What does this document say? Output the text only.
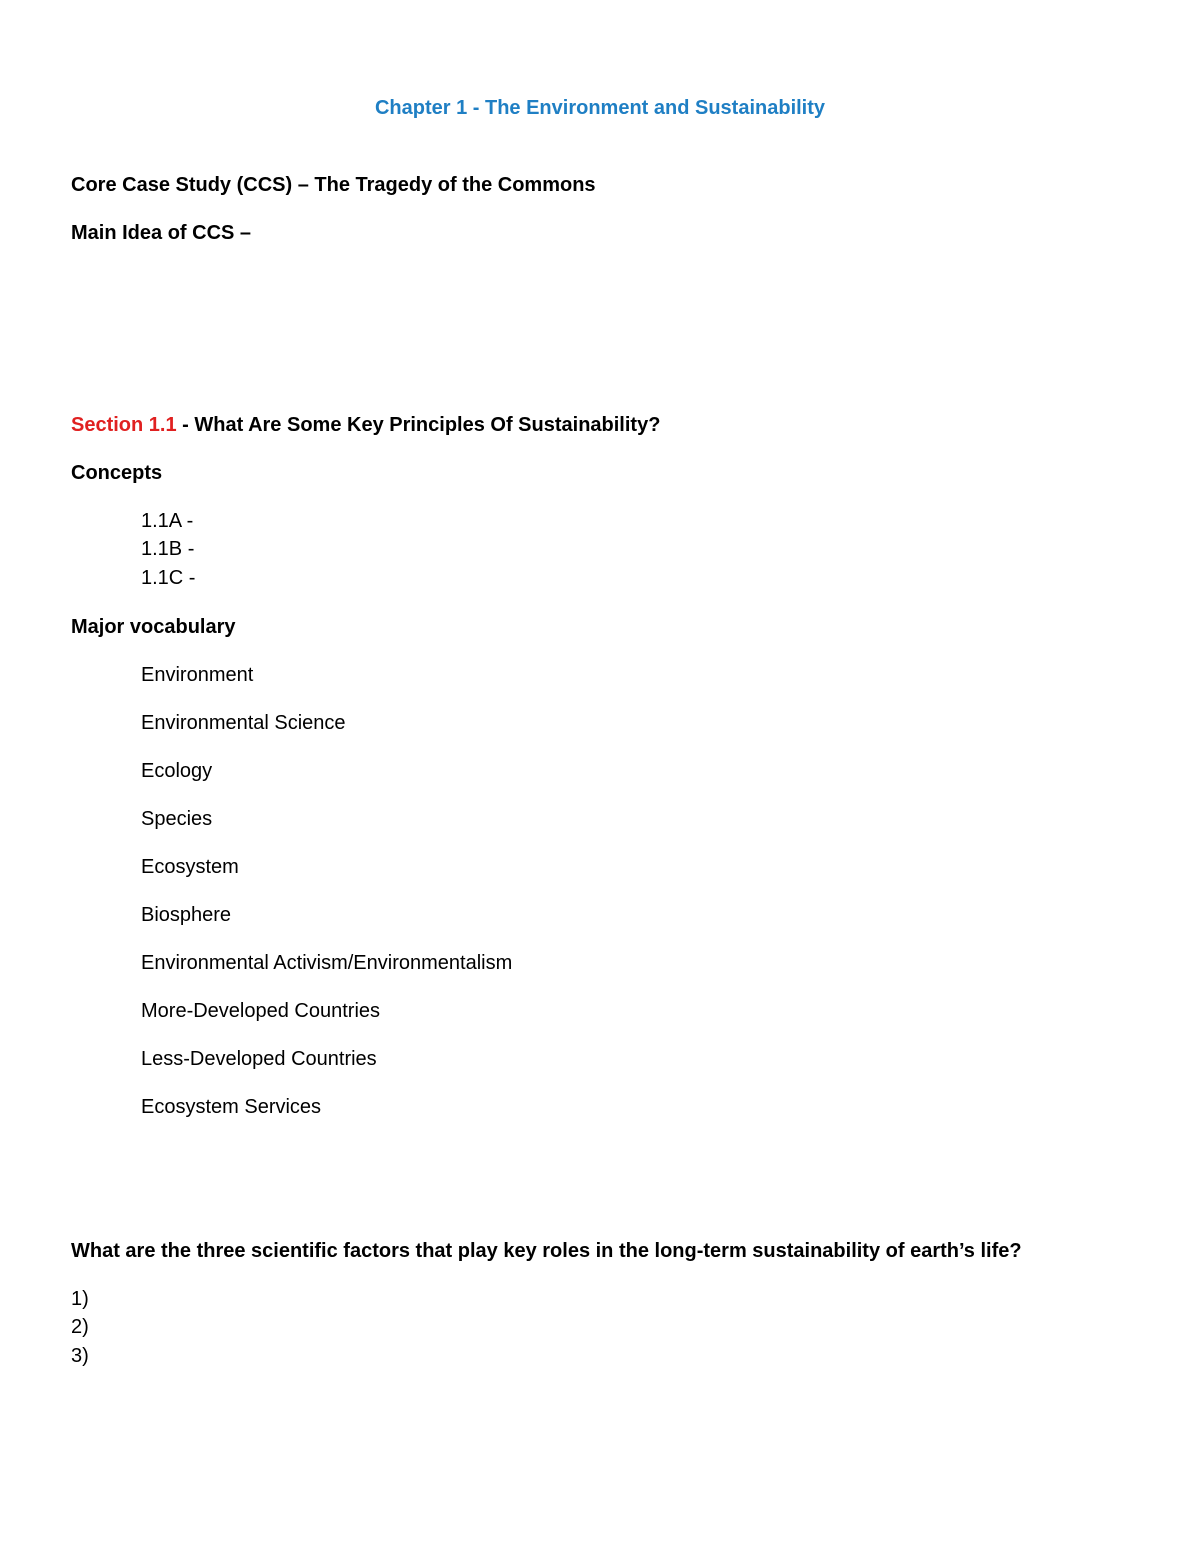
Chapter 1 - The Environment and Sustainability
Core Case Study (CCS) – The Tragedy of the Commons
Main Idea of CCS –
Section 1.1 - What Are Some Key Principles Of Sustainability?
Concepts
1.1A -
1.1B -
1.1C -
Major vocabulary
Environment
Environmental Science
Ecology
Species
Ecosystem
Biosphere
Environmental Activism/Environmentalism
More-Developed Countries
Less-Developed Countries
Ecosystem Services
What are the three scientific factors that play key roles in the long-term sustainability of earth’s life?
1)
2)
3)
